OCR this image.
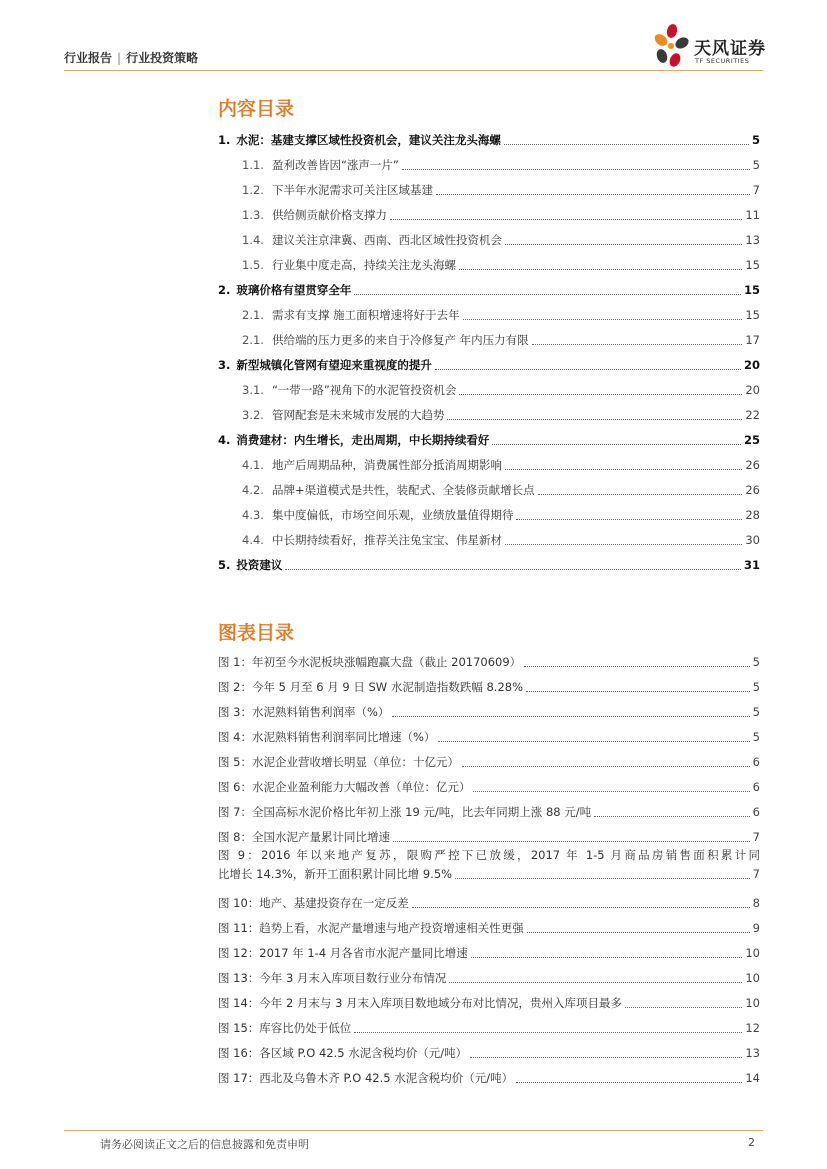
行业报告 | 行业投资策略	天风证券
TF SECURITIES
内容目录
1. 水泥：基建支撑区域性投资机会，建议关注龙头海螺	5
1.1. 盈利改善皆因“涨声一片”	5
1.2. 下半年水泥需求可关注区域基建	7
1.3. 供给侧贡献价格支撑力	11
1.4. 建议关注京津冀、西南、西北区域性投资机会	13
1.5. 行业集中度走高，持续关注龙头海螺	15
2. 玻璃价格有望贯穿全年	15
2.1. 需求有支撑 施工面积增速将好于去年	15
2.1. 供给端的压力更多的来自于冷修复产 年内压力有限	17
3. 新型城镇化管网有望迎来重视度的提升	20
3.1. “一带一路”视角下的水泥管投资机会	20
3.2. 管网配套是未来城市发展的大趋势	22
4. 消费建材：内生增长，走出周期，中长期持续看好	25
4.1. 地产后周期品种，消费属性部分抵消周期影响	26
4.2. 品牌+渠道模式是共性，装配式、全装修贡献增长点	26
4.3. 集中度偏低，市场空间乐观，业绩放量值得期待	28
4.4. 中长期持续看好，推荐关注兔宝宝、伟星新材	30
5. 投资建议	31
图表目录
图 1：年初至今水泥板块涨幅跑赢大盘（截止 20170609）	5
图 2：今年 5 月至 6 月 9 日 SW 水泥制造指数跌幅 8.28%	5
图 3：水泥熟料销售利润率（%）	5
图 4：水泥熟料销售利润率同比增速（%）	5
图 5：水泥企业营收增长明显（单位：十亿元）	6
图 6：水泥企业盈利能力大幅改善（单位：亿元）	6
图 7：全国高标水泥价格比年初上涨 19 元/吨，比去年同期上涨 88 元/吨	6
图 8：全国水泥产量累计同比增速	7
图 9：2016 年以来地产复苏，限购严控下已放缓，2017 年 1-5 月商品房销售面积累计同
比增长 14.3%，新开工面积累计同比增 9.5%	7
图 10：地产、基建投资存在一定反差	8
图 11：趋势上看，水泥产量增速与地产投资增速相关性更强	9
图 12：2017 年 1-4 月各省市水泥产量同比增速	10
图 13：今年 3 月末入库项目数行业分布情况	10
图 14：今年 2 月末与 3 月末入库项目数地域分布对比情况，贵州入库项目最多	10
图 15：库容比仍处于低位	12
图 16：各区域 P.O 42.5 水泥含税均价（元/吨）	13
图 17：西北及乌鲁木齐 P.O 42.5 水泥含税均价（元/吨）	14
请务必阅读正文之后的信息披露和免责申明	2
